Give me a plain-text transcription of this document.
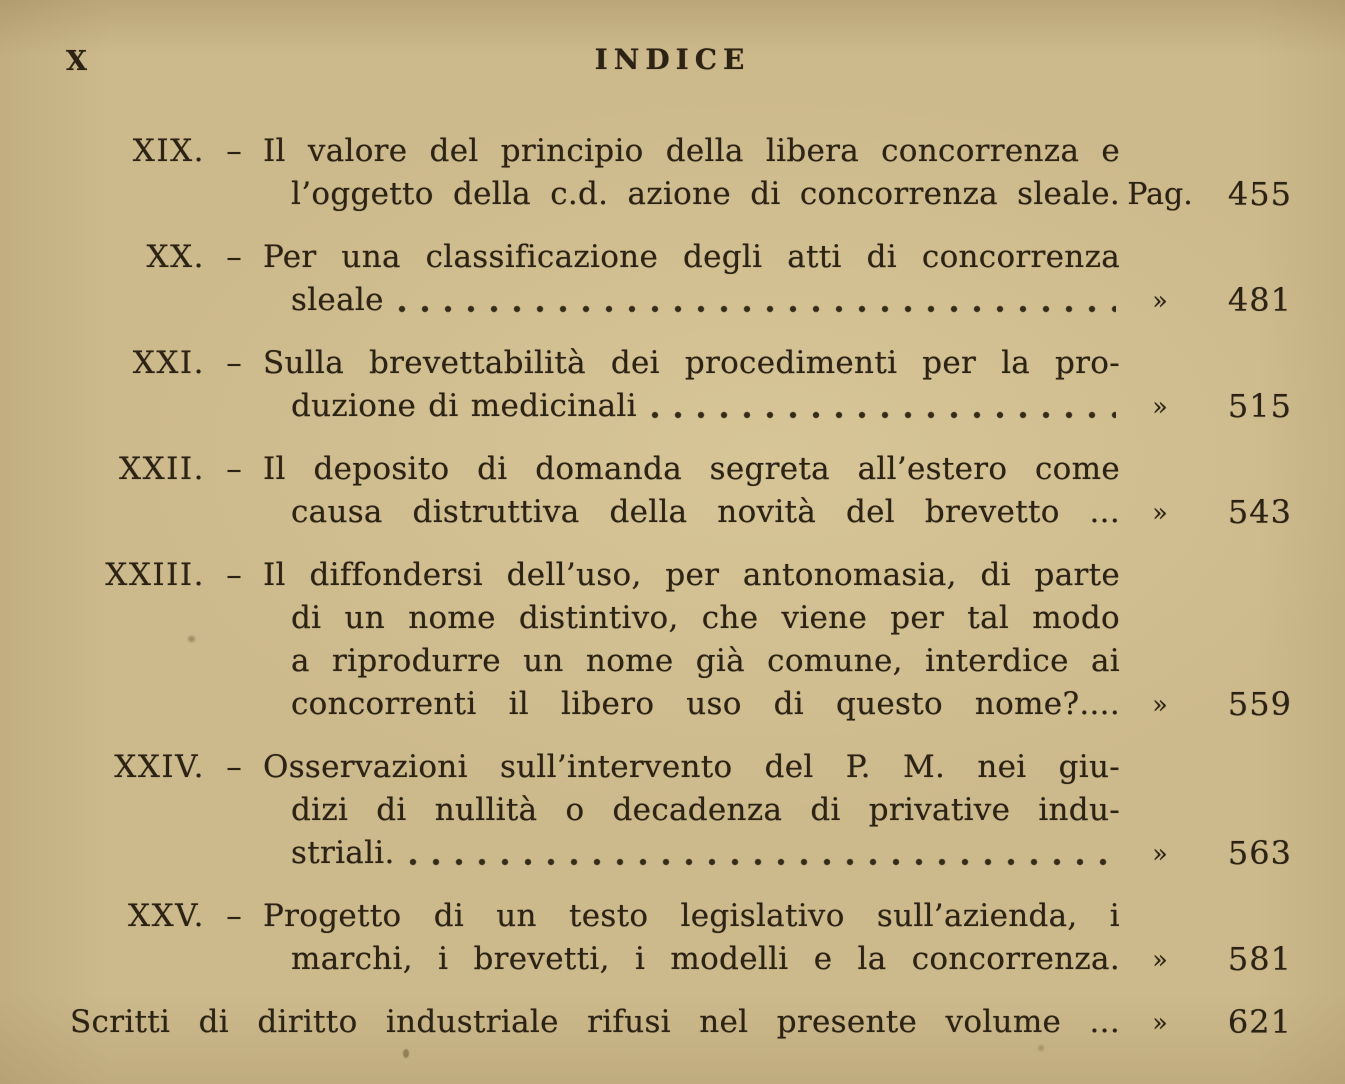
X	INDICE
XIX. – Il valore del principio della libera concorrenza e
l’oggetto della c.d. azione di concorrenza sleale. Pag.	455
XX. – Per una classificazione degli atti di concorrenza
sleale	»	481
XXI. – Sulla brevettabilità dei procedimenti per la pro-
duzione di medicinali	»	515
XXII. – Il deposito di domanda segreta all’estero come
causa distruttiva della novità del brevetto ...	»	543
XXIII. – Il diffondersi dell’uso, per antonomasia, di parte
di un nome distintivo, che viene per tal modo
a riprodurre un nome già comune, interdice ai
concorrenti il libero uso di questo nome?....	»	559
XXIV. – Osservazioni sull’intervento del P. M. nei giu-
dizi di nullità o decadenza di privative indu-
striali.	»	563
XXV. – Progetto di un testo legislativo sull’azienda, i
marchi, i brevetti, i modelli e la concorrenza.	»	581
Scritti di diritto industriale rifusi nel presente volume ...	»	621
